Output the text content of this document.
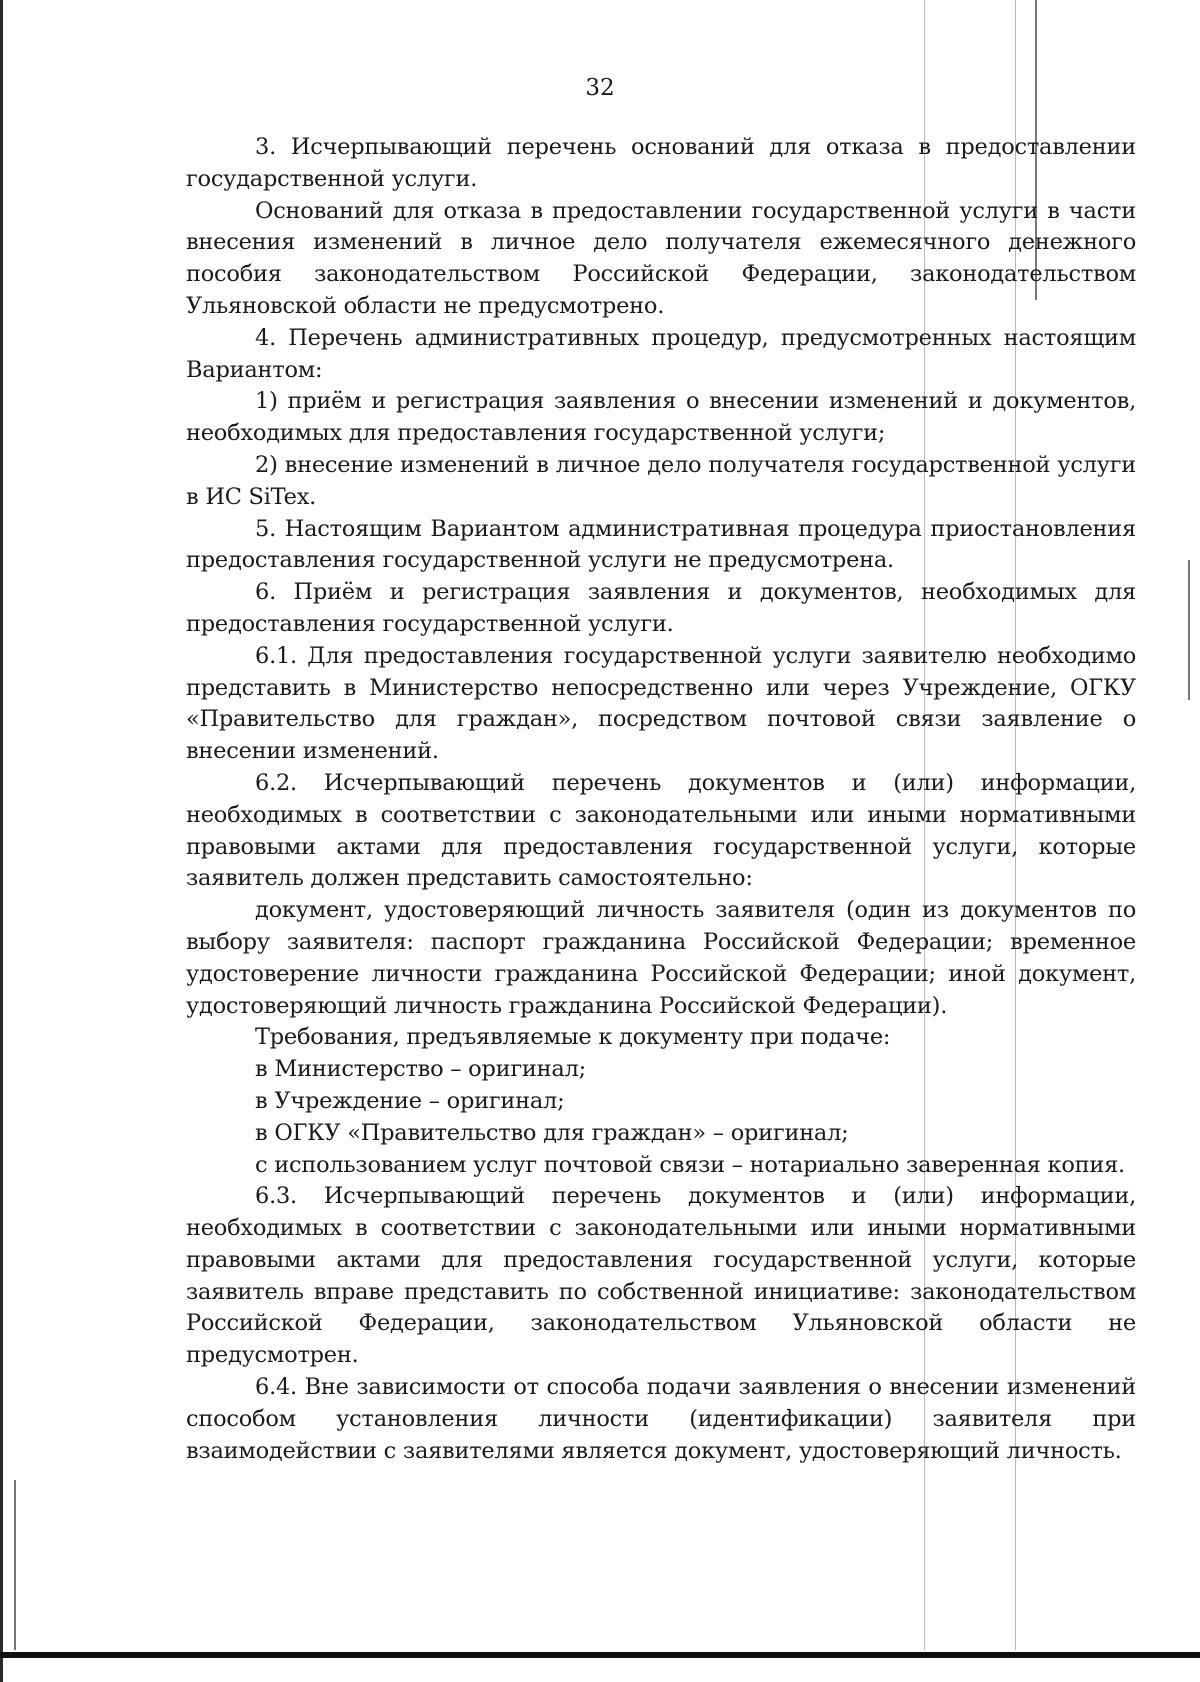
32

3. Исчерпывающий перечень оснований для отказа в предоставлении государственной услуги.

Оснований для отказа в предоставлении государственной услуги в части внесения изменений в личное дело получателя ежемесячного денежного пособия законодательством Российской Федерации, законодательством Ульяновской области не предусмотрено.

4. Перечень административных процедур, предусмотренных настоящим Вариантом:

1) приём и регистрация заявления о внесении изменений и документов, необходимых для предоставления государственной услуги;

2) внесение изменений в личное дело получателя государственной услуги в ИС SiTex.

5. Настоящим Вариантом административная процедура приостановления предоставления государственной услуги не предусмотрена.

6. Приём и регистрация заявления и документов, необходимых для предоставления государственной услуги.

6.1. Для предоставления государственной услуги заявителю необходимо представить в Министерство непосредственно или через Учреждение, ОГКУ «Правительство для граждан», посредством почтовой связи заявление о внесении изменений.

6.2. Исчерпывающий перечень документов и (или) информации, необходимых в соответствии с законодательными или иными нормативными правовыми актами для предоставления государственной услуги, которые заявитель должен представить самостоятельно:

документ, удостоверяющий личность заявителя (один из документов по выбору заявителя: паспорт гражданина Российской Федерации; временное удостоверение личности гражданина Российской Федерации; иной документ, удостоверяющий личность гражданина Российской Федерации).

Требования, предъявляемые к документу при подаче:

в Министерство – оригинал;

в Учреждение – оригинал;

в ОГКУ «Правительство для граждан» – оригинал;

с использованием услуг почтовой связи – нотариально заверенная копия.

6.3. Исчерпывающий перечень документов и (или) информации, необходимых в соответствии с законодательными или иными нормативными правовыми актами для предоставления государственной услуги, которые заявитель вправе представить по собственной инициативе: законодательством Российской Федерации, законодательством Ульяновской области не предусмотрен.

6.4. Вне зависимости от способа подачи заявления о внесении изменений способом установления личности (идентификации) заявителя при взаимодействии с заявителями является документ, удостоверяющий личность.
